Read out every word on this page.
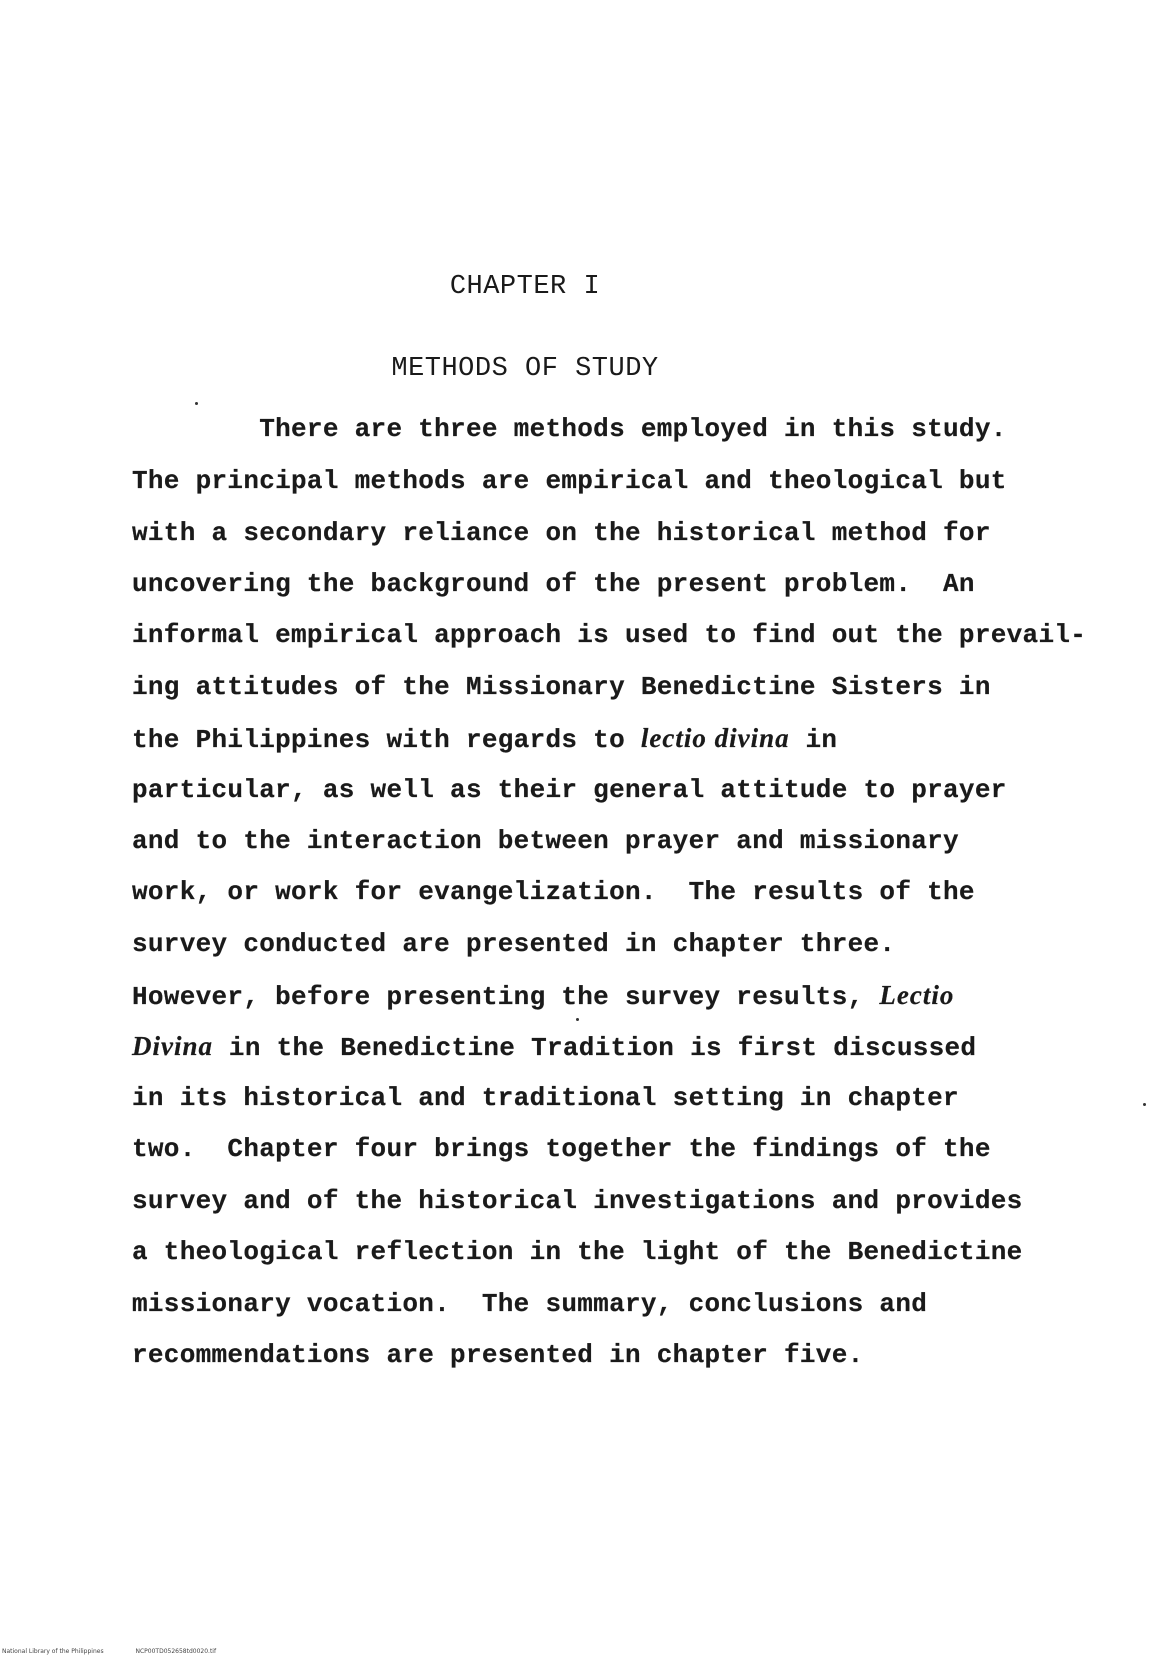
CHAPTER I
METHODS OF STUDY
There are three methods employed in this study.
The principal methods are empirical and theological but
with a secondary reliance on the historical method for
uncovering the background of the present problem.  An
informal empirical approach is used to find out the prevail-
ing attitudes of the Missionary Benedictine Sisters in
the Philippines with regards to lectio divina in
particular, as well as their general attitude to prayer
and to the interaction between prayer and missionary
work, or work for evangelization.  The results of the
survey conducted are presented in chapter three.
However, before presenting the survey results, Lectio
Divina in the Benedictine Tradition is first discussed
in its historical and traditional setting in chapter
two.  Chapter four brings together the findings of the
survey and of the historical investigations and provides
a theological reflection in the light of the Benedictine
missionary vocation.  The summary, conclusions and
recommendations are presented in chapter five.
National Library of the Philippines	NCP00TD052658td0020.tif
